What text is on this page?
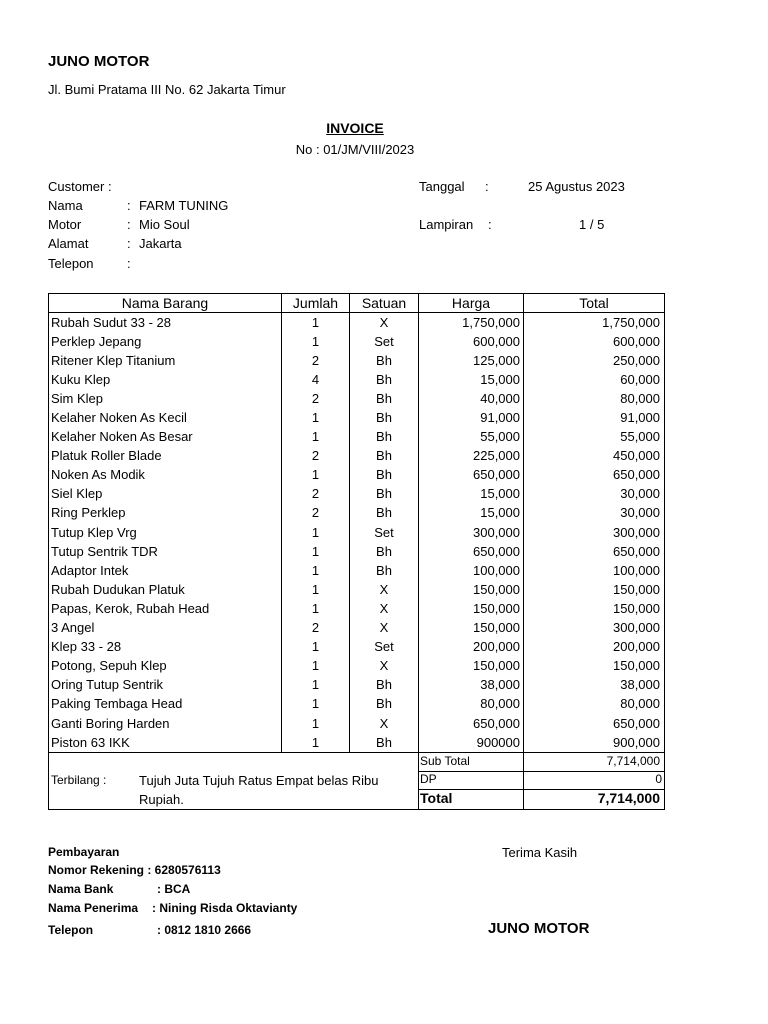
JUNO MOTOR
Jl. Bumi Pratama III No. 62 Jakarta Timur
INVOICE
No : 01/JM/VIII/2023
Customer :
Nama	: FARM TUNING
Motor	: Mio Soul
Alamat	: Jakarta
Telepon	:
Tanggal :	25 Agustus 2023
Lampiran :	1 / 5
Nama Barang	Jumlah	Satuan	Harga	Total
Rubah Sudut 33 - 28	1	X	1,750,000	1,750,000
Perklep Jepang	1	Set	600,000	600,000
Ritener Klep Titanium	2	Bh	125,000	250,000
Kuku Klep	4	Bh	15,000	60,000
Sim Klep	2	Bh	40,000	80,000
Kelaher Noken As Kecil	1	Bh	91,000	91,000
Kelaher Noken As Besar	1	Bh	55,000	55,000
Platuk Roller Blade	2	Bh	225,000	450,000
Noken As Modik	1	Bh	650,000	650,000
Siel Klep	2	Bh	15,000	30,000
Ring Perklep	2	Bh	15,000	30,000
Tutup Klep Vrg	1	Set	300,000	300,000
Tutup Sentrik TDR	1	Bh	650,000	650,000
Adaptor Intek	1	Bh	100,000	100,000
Rubah Dudukan Platuk	1	X	150,000	150,000
Papas, Kerok, Rubah Head	1	X	150,000	150,000
3 Angel	2	X	150,000	300,000
Klep 33 - 28	1	Set	200,000	200,000
Potong, Sepuh Klep	1	X	150,000	150,000
Oring Tutup Sentrik	1	Bh	38,000	38,000
Paking Tembaga Head	1	Bh	80,000	80,000
Ganti Boring Harden	1	X	650,000	650,000
Piston 63 IKK	1	Bh	900000	900,000
Terbilang :	Tujuh Juta Tujuh Ratus Empat belas Ribu
Rupiah.
Sub Total	7,714,000
DP	0
Total	7,714,000
Pembayaran
Nomor Rekening : 6280576113
Nama Bank	: BCA
Nama Penerima : Nining Risda Oktavianty
Telepon	: 0812 1810 2666
Terima Kasih
JUNO MOTOR
